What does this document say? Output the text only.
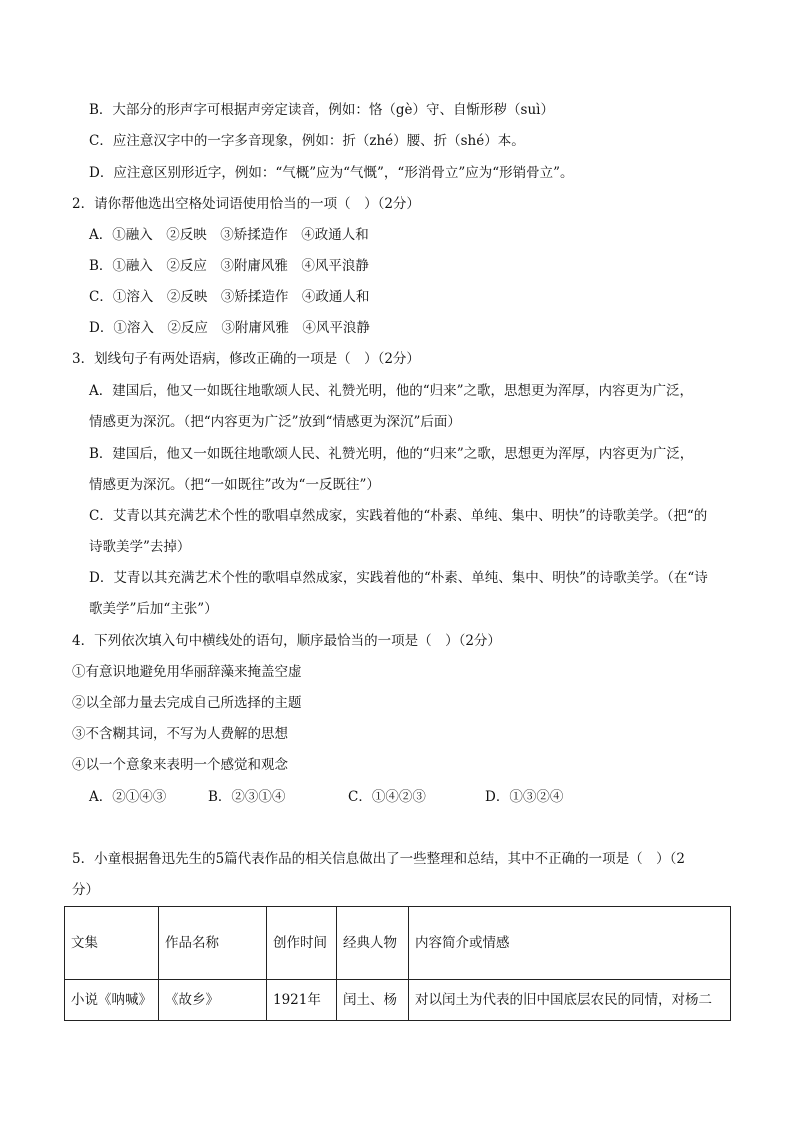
B．大部分的形声字可根据声旁定读音，例如：恪（gè）守、自惭形秽（suì）
C．应注意汉字中的一字多音现象，例如：折（zhé）腰、折（shé）本。
D．应注意区别形近字，例如：“气概”应为“气慨”，“形消骨立”应为“形销骨立”。
2．请你帮他选出空格处词语使用恰当的一项（　）（2分）
A．①融入　②反映　③矫揉造作　④政通人和
B．①融入　②反应　③附庸风雅　④风平浪静
C．①溶入　②反映　③矫揉造作　④政通人和
D．①溶入　②反应　③附庸风雅　④风平浪静
3．划线句子有两处语病，修改正确的一项是（　）（2分）
A．建国后，他又一如既往地歌颂人民、礼赞光明，他的“归来”之歌，思想更为浑厚，内容更为广泛，
情感更为深沉。（把“内容更为广泛”放到“情感更为深沉”后面）
B．建国后，他又一如既往地歌颂人民、礼赞光明，他的“归来”之歌，思想更为浑厚，内容更为广泛，
情感更为深沉。（把“一如既往”改为“一反既往”）
C．艾青以其充满艺术个性的歌唱卓然成家，实践着他的“朴素、单纯、集中、明快”的诗歌美学。（把“的
诗歌美学”去掉）
D．艾青以其充满艺术个性的歌唱卓然成家，实践着他的“朴素、单纯、集中、明快”的诗歌美学。（在“诗
歌美学”后加“主张”）
4．下列依次填入句中横线处的语句，顺序最恰当的一项是（　）（2分）
①有意识地避免用华丽辞藻来掩盖空虚
②以全部力量去完成自己所选择的主题
③不含糊其词，不写为人费解的思想
④以一个意象来表明一个感觉和观念
A．②①④③	B．②③①④	C．①④②③	D．①③②④
5．小童根据鲁迅先生的5篇代表作品的相关信息做出了一些整理和总结，其中不正确的一项是（　）（2
分）
文集	作品名称	创作时间	经典人物	内容简介或情感
小说《呐喊》	《故乡》	1921年	闰土、杨	对以闰土为代表的旧中国底层农民的同情，对杨二
